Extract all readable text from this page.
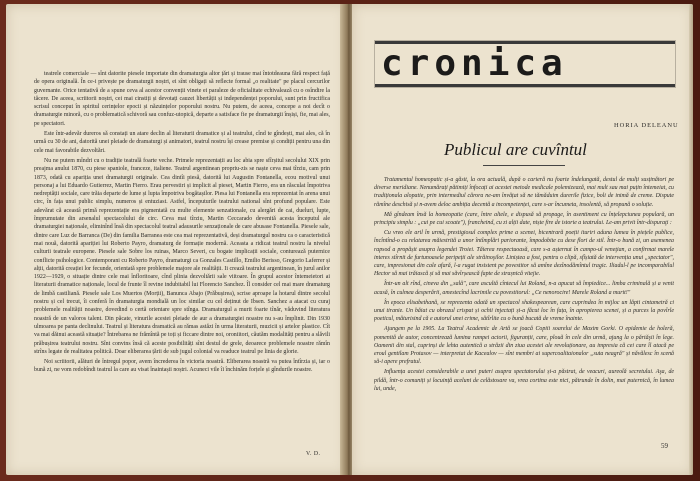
teatrele comerciale — sînt datorite piesele importate din dramaturgia altor țări și trause mai întotdeauna fără respect față de opera originală. În ce-i privește pe dramaturgii noștri, ei sînt obligați să reflecte formal „o realitate" pe placul cercurilor guvernante. Orice tentativă de a spune ceva al acestor convenții vinete ei paraleze de oficialitate echivalează cu o osîndire la tăcere. De aceea, scriitorii noștri, cei mai cinstiți și devotați cauzei libertății și independenței poporului, sunt prin fructifica scrisul conceput în spiritul cerințelor epocii și năzuințelor poporului nostru. Nu putem, de aceea, concepe a noi decît o dramaturgie minoră, cu o problematică schivoră sau confuz-utopică, departe a satisface fie pe dramaturgii înșiși, fie, mai ales, pe spectatori.

Este într-adevăr dureros să constați un atare declin al literaturii dramatice și al teatrului, cînd te gîndești, mai ales, că în urmă cu 30 de ani, datorită unei pleiade de dramaturgi și animatori, teatrul nostru își crease premise și condiții pentru una din cele mai favorabile dezvoltări.

Nu ne putem mîndri cu o tradiție teatrală foarte veche. Primele reprezentații au loc abia spre sfîrșitul secolului XIX prin preajma anului 1870, cu piese spaniole, franceze, italiene. Teatrul argentinean propriu-zis se naște ceva mai tîrziu, cam prin 1873, odată cu apariția unei dramaturgii originale. Cea dintîi piesă, datorită lui Augustin Fontanella, ecou motivul unui personaj a lui Eduardo Gutierrez, Martin Fierro. Erau pervestiri și implicit al pieset, Martin Fierro, era un răsculat împotriva nedreptății sociale, care trăia departe de lume și lupta împotriva bogătașilor. Piesa lui Fontanella era reprezentat în arena unui circ, în fața unui public simplu, numeros și entuziast. Astfel, începuturile teatrului national sînt profund populare. Este adevărat că aceastâ primă reprezentație era pigmentată cu multe elemente senzationale, cu alergări de cai, dueluri, lupte, împrumutate din arsenalul spectacolului de circ. Ceva mai tîrziu, Martin Ceccarado devenită acesta începutul ale dramaturgiei naționale, eliminînd însă din spectacolul teatral adausurile senzaționale de care abusase Fontanella. Piesele sale, dintre care Luz de Barranca (De) din familia Barranea este cea mai reprezentativă, deși dramaturgul nostru ca o caracteristică mai nouă, datorită apariției lui Roberto Payro, dramaturg de formație modernă. Aceasta a ridicat teatrul nostru la nivelul culturii teatrale europene. Piesele sale Sobre los ruinas, Marco Severi, cu bogate implicații sociale, conturează puternice conflicte psihologice. Contemporani cu Roberto Payro, dramaturgi ca Gonzales Castillo, Emilio Berisso, Gregorio Laferrer și alții, datorită creației lor fecunde, orientată spre problemele majore ale realității. Ii crează teatrului argentinean, în jurul anilor 1922—1929, o situație dintre cele mai înfloritoare, cînd plinia dezvoltării sale viitoare. În grupul acestor întemeietori ai literaturii dramatice naționale, locul de frunte îl revine indubitabil lui Florencio Sanchez. Îl consider cel mai mare dramaturg de limbă castiliană. Piesele sale Los Muertos (Morții), Banunca Abajo (Prăbușirea), scrise aproape la hotarul dintre secolul nostru și cel trecut, îi conferă în dramaturgia mondială un loc similar cu cel deținut de Ibsen. Sanchez a atacat cu curaj problemele realității noastre, dovedind o certă orientare spre stînga. Dramaturgul a murit foarte tînăr, văduvind literatura noastră de un valoros talent. Din păcate, vinurile acestei pleiade de aur a dramaturgiei noastre nu s-au împlinit. Din 1930 ulmoarea pe panta declinului. Teatrul și literatura dramatică au rămas astăzi în urma literaturii, muzicii și artelor plastice. Cît va mai dăinui această situație? Întrebarea ne frămîntă pe toți și ficcare dintre noi, oroniitori, căutăm modalități pentru a slăvili prăbușirea teatrului nostru. Sînt convins însă că aceste posibilități sînt destul de grele, deoarece problemele noastre rămîn strîns legate de realitatea politică. Doar eliberarea țării de sub jugul colonial va readuce teatrul pe linia de glorie.

Noi scriitorii, alături de întregul popor, avem încrederea în victoria noastră. Eliberarea noastră va putea întîrzia și, iar o bună zi, ne vom redobîndi teatrul la care au visat înaintașii noștri. Acuneci vile îi închinăm forțele și gîndurile noastre.

V. D.
cronica
HORIA DELEANU
Publicul are cuvîntul

Tratamentul homeopatic și-a găsit, la ora actuală, după o carieră nu foarte îndelungată, destul de mulți susținători pe diverse meridiane. Nenumărați pătimiți înfocați ai acestei metode medicale polemizează, mai mult sau mai puțin întemeiat, cu tradiționala alopatie, prin intermediul cărora ne-am învățat să ne tămăduim durerile fizice, boli de inimă de creme. Dispute rămîne deschisă și n-avem deloc ambiția decentă a incompetenței, care s-ar încumeta, insolentă, să propună o soluție.

Mă gîndeam însă la homeopatie (care, între altele, e dispusă să propage, în asentiment cu înțelepciunea populară, un principiu simplu : „cui pe cui scoate"), francheind, cu zi alții date, niște fire de istorie a teatrului. Le-am privit într-dispuraţi :

Cu vreo ele aril în urmă, prestigiosul complex prime a scenei, bicentrară poeții ituriri aduna lumea în piețele publice, încîntînd-o cu relatarea măiestrită a unor întîmplări pariorante, împodobite cu dese flori de stil. Într-o bună zi, un asemenea rapsod a propășit asupra legendei Troiei. Tăierea respectuoasă, care s-a așternut în campo-ul veneţian, a confirmat marele interes stîrnit de furtunoasele peripeții ale străinoşilor. Liniștea a fost, pentru o clipă, sfîșiată de intervenția unui „spectator", care, impresionat din cale afară, l-a rugat insistent pe povestitor să amîne dezînodămîntul tragic. Iliadul-l pe incomparabilul Hector să mai trăiască și să mai săvîrșească fapte de strașnică vitejie.

Într-un alt rînd, cineva din „sală", care ascultă cîntecul lui Roland, n-a apucat să împiedice... limba criminală și a venit acasă, în culmea desperării, amestecînd lacrimile cu povestitorul: „Ce nenorocire! Marele Roland a murit!"

În epoca elisabethană, se reprezenta odată un spectacol shakespearean, care cuprindea în mijloc un lăpti cintametră ci unui tiranie. Un băiat cu obrazul crispat și ochii injectați și-a făcut loc în fața, în apropierea scenei, și a purces la povîrle poeticul, măturisind că e autorul unei crime, sătîrlite cu o bună bucată de vreme înainte.

Ajungem pe la 1905. La Teatrul Academic de Artă se joacă Copiii soarelui de Maxim Gorki. O epidemie de holeră, pomenită de autor, concentrează lumina rampei actorii, figuranții, care, plouă în cele din urmă, ajung la o părtăşii în lege. Oamenii din stal, cuprinși de lehta autentică a străzii din ziua acestei ale revoluționare, au impresia că cei care îl atacă pe eroul gentilam Protasov — interpretat de Kacealov — sînt membri ai supercoalitaionalor „suta neagră" și năvălesc în scenă să-i apere prefratul.

Influența acestei considerabile a unei puteri asupra spectatorului și-a păstrat, de veacuri, aureolă secretului. Aşa, de pildă, într-o comuniți și locuință aceluni de celăstosare va, vrea cortina este nici, pătrunde în dolin, mai puternică, în lumea lui, unde,

59
